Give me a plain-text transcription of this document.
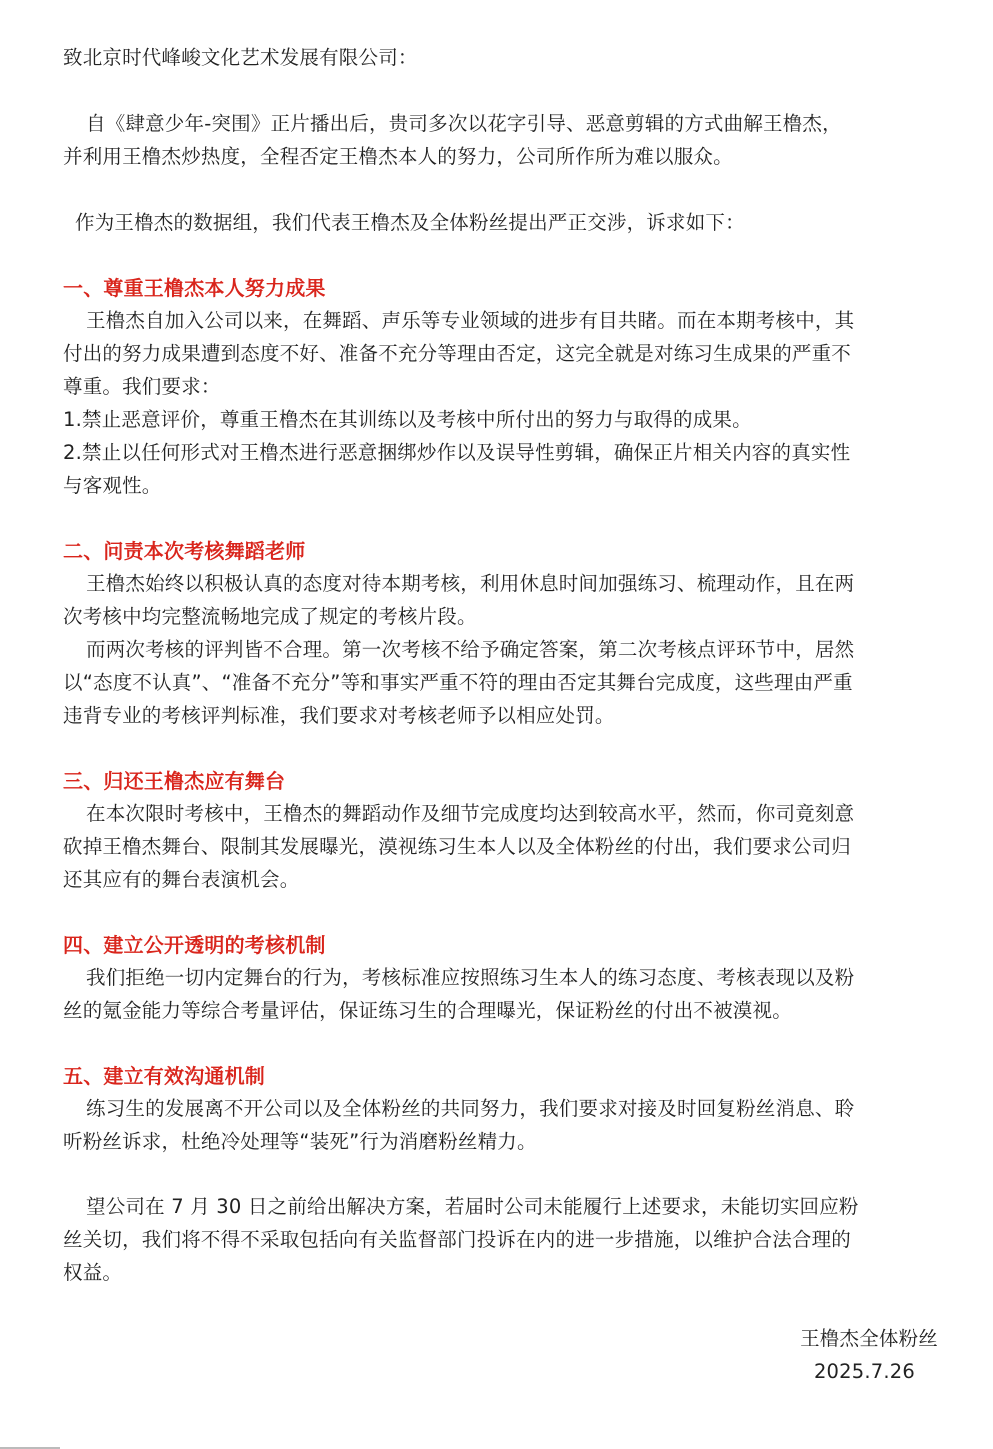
致北京时代峰峻文化艺术发展有限公司：
自《肆意少年-突围》正片播出后，贵司多次以花字引导、恶意剪辑的方式曲解王橹杰，
并利用王橹杰炒热度，全程否定王橹杰本人的努力，公司所作所为难以服众。
作为王橹杰的数据组，我们代表王橹杰及全体粉丝提出严正交涉，诉求如下：
一、尊重王橹杰本人努力成果
王橹杰自加入公司以来，在舞蹈、声乐等专业领域的进步有目共睹。而在本期考核中，其
付出的努力成果遭到态度不好、准备不充分等理由否定，这完全就是对练习生成果的严重不
尊重。我们要求：
1.禁止恶意评价，尊重王橹杰在其训练以及考核中所付出的努力与取得的成果。
2.禁止以任何形式对王橹杰进行恶意捆绑炒作以及误导性剪辑，确保正片相关内容的真实性
与客观性。
二、问责本次考核舞蹈老师
王橹杰始终以积极认真的态度对待本期考核，利用休息时间加强练习、梳理动作，且在两
次考核中均完整流畅地完成了规定的考核片段。
而两次考核的评判皆不合理。第一次考核不给予确定答案，第二次考核点评环节中，居然
以“态度不认真”、“准备不充分”等和事实严重不符的理由否定其舞台完成度，这些理由严重
违背专业的考核评判标准，我们要求对考核老师予以相应处罚。
三、归还王橹杰应有舞台
在本次限时考核中，王橹杰的舞蹈动作及细节完成度均达到较高水平，然而，你司竟刻意
砍掉王橹杰舞台、限制其发展曝光，漠视练习生本人以及全体粉丝的付出，我们要求公司归
还其应有的舞台表演机会。
四、建立公开透明的考核机制
我们拒绝一切内定舞台的行为，考核标准应按照练习生本人的练习态度、考核表现以及粉
丝的氪金能力等综合考量评估，保证练习生的合理曝光，保证粉丝的付出不被漠视。
五、建立有效沟通机制
练习生的发展离不开公司以及全体粉丝的共同努力，我们要求对接及时回复粉丝消息、聆
听粉丝诉求，杜绝冷处理等“装死”行为消磨粉丝精力。
望公司在 7 月 30 日之前给出解决方案，若届时公司未能履行上述要求，未能切实回应粉
丝关切，我们将不得不采取包括向有关监督部门投诉在内的进一步措施，以维护合法合理的
权益。
王橹杰全体粉丝
2025.7.26
